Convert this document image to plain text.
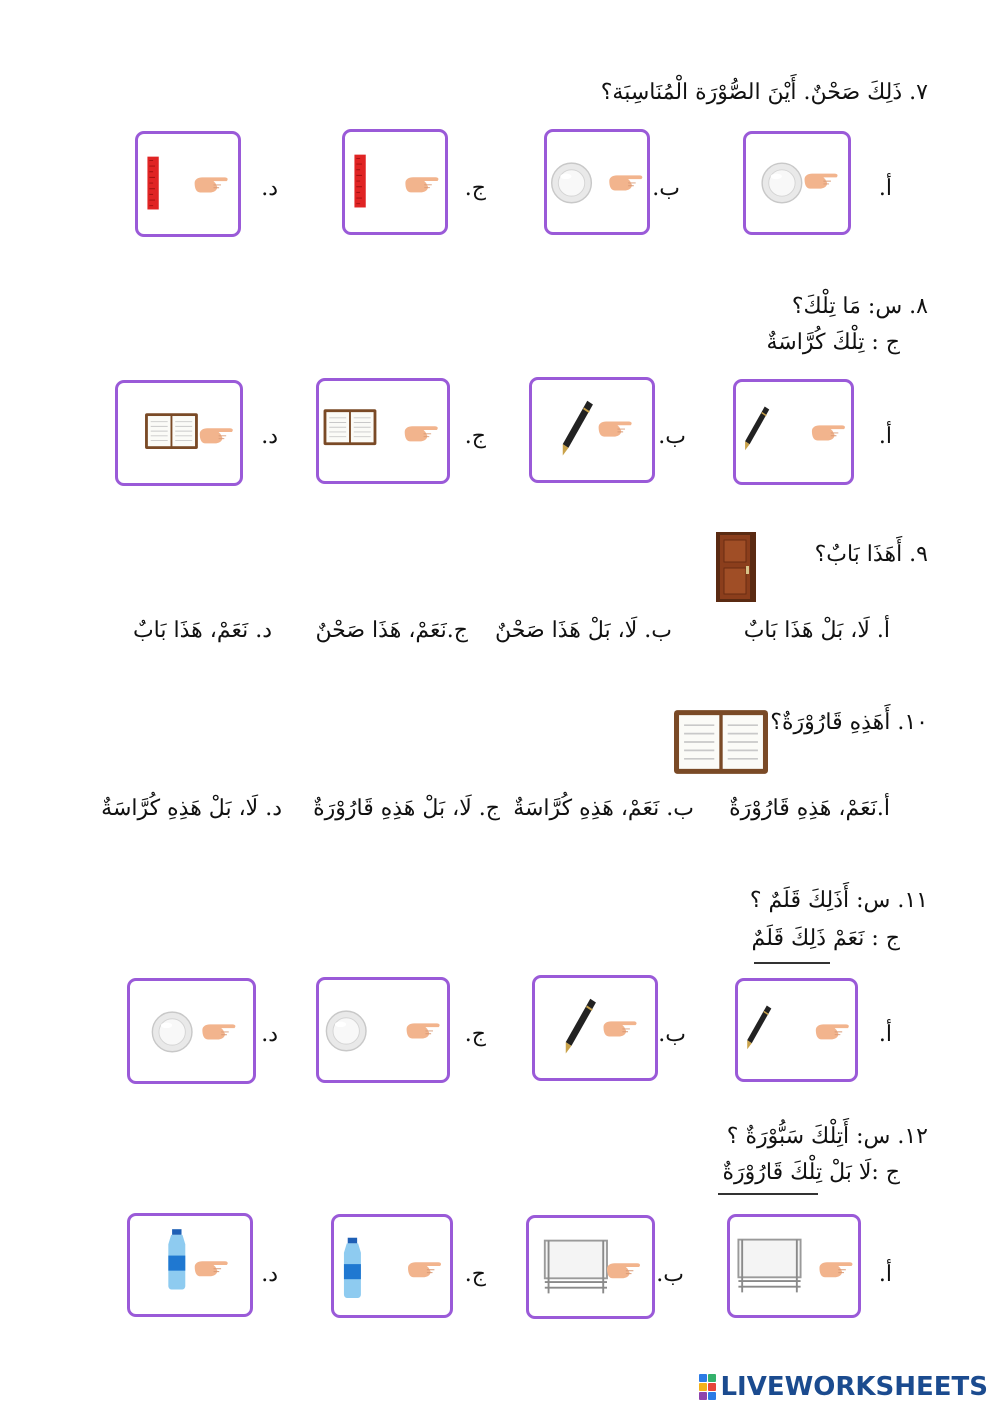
٧. ذَلِكَ صَحْنٌ. أَيْنَ الصُّوْرَة الْمُنَاسِبَة؟
أ.
ب.
ج.
د.
٨. س: مَا تِلْكَ؟
ج : تِلْكَ كُرَّاسَةٌ
أ.
ب.
ج.
د.
٩. أَهَذَا بَابٌ؟
أ. لَا، بَلْ هَذَا بَابٌ
ب. لَا، بَلْ هَذَا صَحْنٌ
ج.نَعَمْ، هَذَا صَحْنٌ
د. نَعَمْ، هَذَا بَابٌ
١٠. أَهَذِهِ قَارُوْرَةٌ؟
أ.نَعَمْ، هَذِهِ قَارُوْرَةٌ
ب. نَعَمْ، هَذِهِ كُرَّاسَةٌ
ج. لَا، بَلْ هَذِهِ قَارُوْرَةٌ
د. لَا، بَلْ هَذِهِ كُرَّاسَةٌ
١١. س: أَذَلِكَ قَلَمٌ ؟
ج : نَعَمْ ذَلِكَ قَلَمٌ
أ.
ب.
ج.
د.
١٢. س: أَتِلْكَ سَبُّوْرَةٌ ؟
ج :لَا بَلْ تِلْكَ قَارُوْرَةٌ
أ.
ب.
ج.
د.
LIVEWORKSHEETS
